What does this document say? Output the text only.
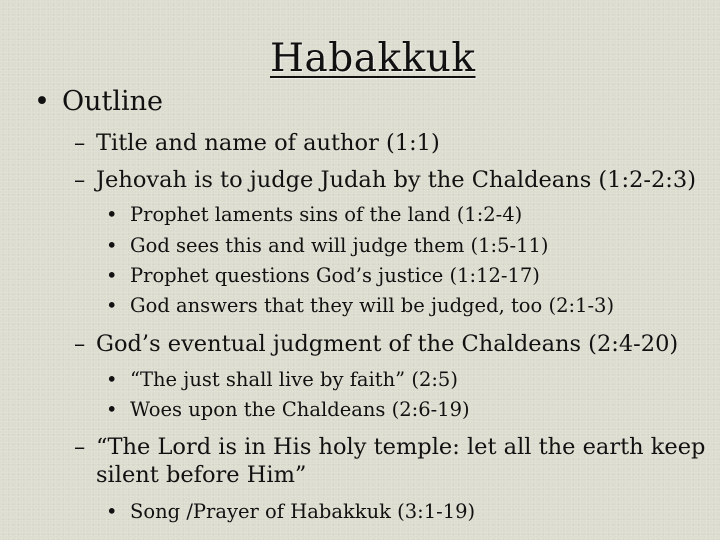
Habakkuk
• Outline
– Title and name of author (1:1)
– Jehovah is to judge Judah by the Chaldeans (1:2-2:3)
• Prophet laments sins of the land (1:2-4)
• God sees this and will judge them (1:5-11)
• Prophet questions God’s justice (1:12-17)
• God answers that they will be judged, too (2:1-3)
– God’s eventual judgment of the Chaldeans (2:4-20)
• “The just shall live by faith” (2:5)
• Woes upon the Chaldeans (2:6-19)
– “The Lord is in His holy temple: let all the earth keep
silent before Him”
• Song /Prayer of Habakkuk (3:1-19)
